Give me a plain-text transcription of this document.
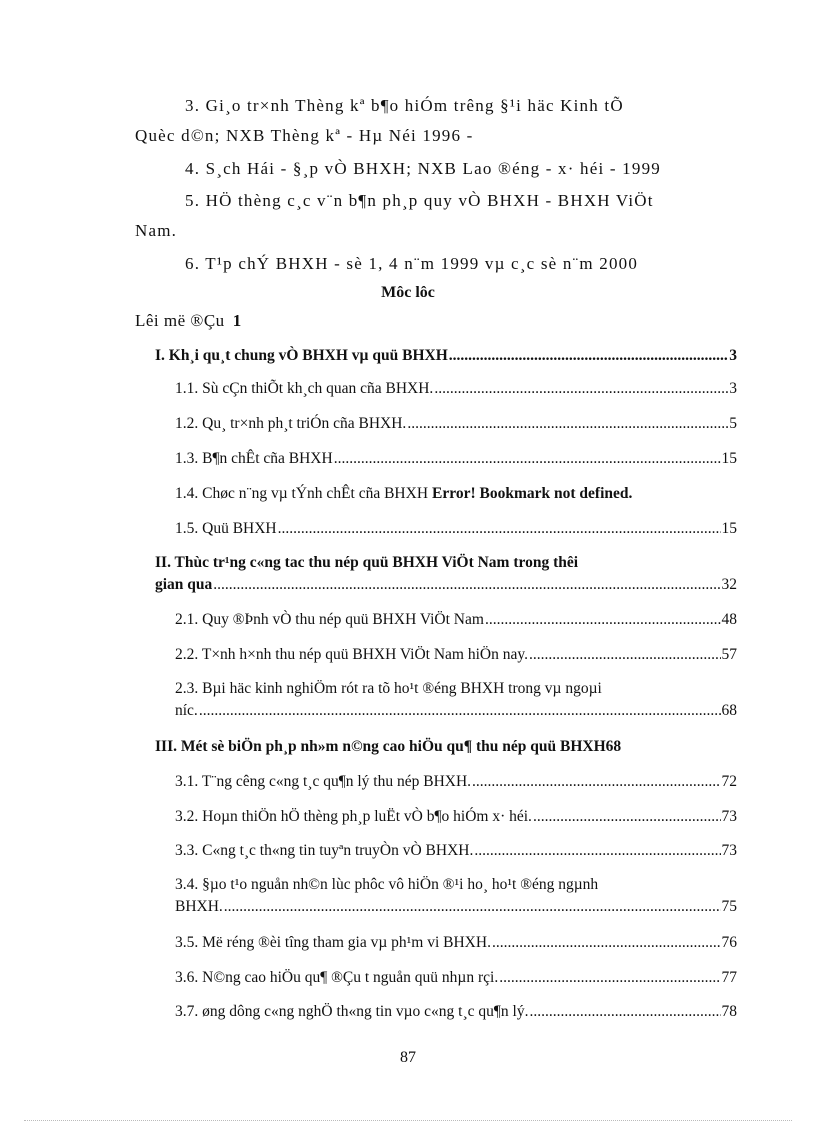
3. Gi¸o tr×nh Thèng kª b¶o hiÓm trêng §¹i häc Kinh tÕ
Quèc d©n; NXB Thèng kª - Hµ Néi 1996 -
4. S¸ch Hái - §¸p vÒ BHXH; NXB Lao ®éng - x· héi - 1999
5. HÖ thèng c¸c v¨n b¶n ph¸p quy vÒ BHXH - BHXH ViÖt
Nam.
6. T¹p chÝ BHXH - sè 1, 4 n¨m 1999 vµ c¸c sè n¨m 2000
Môc lôc
Lêi më ®Çu 1
I. Kh¸i qu¸t chung vÒ BHXH vµ quü BHXH .....	3
1.1. Sù cÇn thiÕt kh¸ch quan cña BHXH. .....	3
1.2. Qu¸ tr×nh ph¸t triÓn cña BHXH. .....	5
1.3. B¶n chÊt cña BHXH .....	15
1.4. Chøc n¨ng vµ tÝnh chÊt cña BHXH Error! Bookmark not defined.
1.5. Quü BHXH .....	15
II. Thùc tr¹ng c«ng tac thu nép quü BHXH ViÖt Nam trong thêi
gian qua .....	32
2.1. Quy ®Þnh vÒ thu nép quü BHXH ViÖt Nam .....	48
2.2. T×nh h×nh thu nép quü BHXH ViÖt Nam hiÖn nay. .....	57
2.3. Bµi häc kinh nghiÖm rót ra tõ ho¹t ®éng BHXH trong vµ ngoµi
níc. .....	68
III. Mét sè biÖn ph¸p nh»m n©ng cao hiÖu qu¶ thu nép quü BHXH 68
3.1. T¨ng cêng c«ng t¸c qu¶n lý thu nép BHXH. .....	72
3.2. Hoµn thiÖn hÖ thèng ph¸p luËt vÒ b¶o hiÓm x· héi. .....	73
3.3. C«ng t¸c th«ng tin tuyªn truyÒn vÒ BHXH. .....	73
3.4. §µo t¹o nguån nh©n lùc phôc vô hiÖn ®¹i ho¸ ho¹t ®éng ngµnh
BHXH. .....	75
3.5. Më réng ®èi tîng tham gia vµ ph¹m vi BHXH. .....	76
3.6. N©ng cao hiÖu qu¶ ®Çu t nguån quü nhµn rçi. .....	77
3.7. øng dông c«ng nghÖ th«ng tin vµo c«ng t¸c qu¶n lý. .....	78
87
